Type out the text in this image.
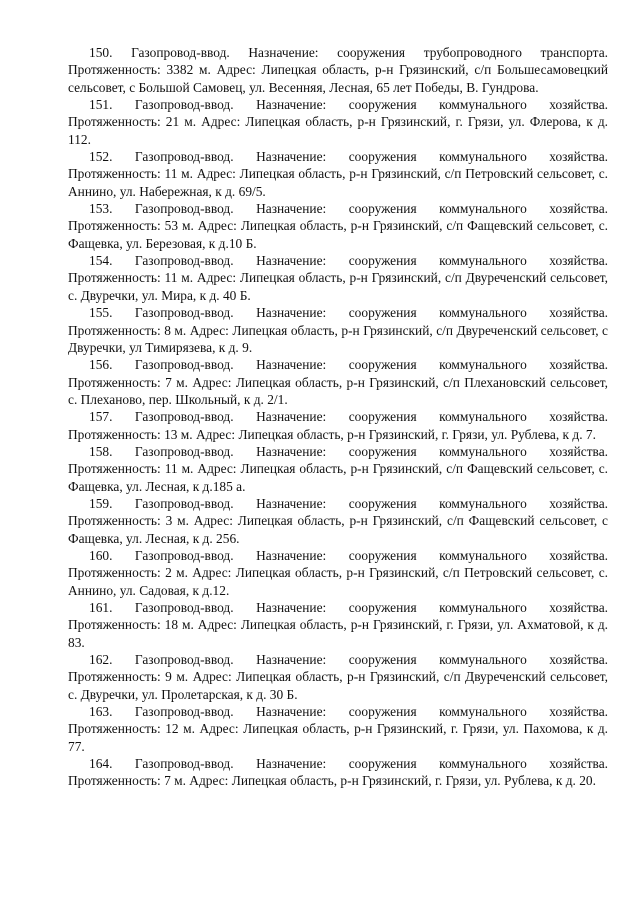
150. Газопровод-ввод. Назначение: сооружения трубопроводного транспорта. Протяженность: 3382 м. Адрес: Липецкая область, р-н Грязинский, с/п Большесамовецкий сельсовет, с Большой Самовец, ул. Весенняя, Лесная, 65 лет Победы, В. Гундрова.

151. Газопровод-ввод. Назначение: сооружения коммунального хозяйства. Протяженность: 21 м. Адрес: Липецкая область, р-н Грязинский, г. Грязи, ул. Флерова, к д. 112.

152. Газопровод-ввод. Назначение: сооружения коммунального хозяйства. Протяженность: 11 м. Адрес: Липецкая область, р-н Грязинский, с/п Петровский сельсовет, с. Аннино, ул. Набережная, к д. 69/5.

153. Газопровод-ввод. Назначение: сооружения коммунального хозяйства. Протяженность: 53 м. Адрес: Липецкая область, р-н Грязинский, с/п Фащевский сельсовет, с. Фащевка, ул. Березовая, к д.10 Б.

154. Газопровод-ввод. Назначение: сооружения коммунального хозяйства. Протяженность: 11 м. Адрес: Липецкая область, р-н Грязинский, с/п Двуреченский сельсовет, с. Двуречки, ул. Мира, к д. 40 Б.

155. Газопровод-ввод. Назначение: сооружения коммунального хозяйства. Протяженность: 8 м. Адрес: Липецкая область, р-н Грязинский, с/п Двуреченский сельсовет, с Двуречки, ул Тимирязева, к д. 9.

156. Газопровод-ввод. Назначение: сооружения коммунального хозяйства. Протяженность: 7 м. Адрес: Липецкая область, р-н Грязинский, с/п Плехановский сельсовет, с. Плеханово, пер. Школьный, к д. 2/1.

157. Газопровод-ввод. Назначение: сооружения коммунального хозяйства. Протяженность: 13 м. Адрес: Липецкая область, р-н Грязинский, г. Грязи, ул. Рублева, к д. 7.

158. Газопровод-ввод. Назначение: сооружения коммунального хозяйства. Протяженность: 11 м. Адрес: Липецкая область, р-н Грязинский, с/п Фащевский сельсовет, с. Фащевка, ул. Лесная, к д.185 а.

159. Газопровод-ввод. Назначение: сооружения коммунального хозяйства. Протяженность: 3 м. Адрес: Липецкая область, р-н Грязинский, с/п Фащевский сельсовет, с Фащевка, ул. Лесная, к д. 256.

160. Газопровод-ввод. Назначение: сооружения коммунального хозяйства. Протяженность: 2 м. Адрес: Липецкая область, р-н Грязинский, с/п Петровский сельсовет, с. Аннино, ул. Садовая, к д.12.

161. Газопровод-ввод. Назначение: сооружения коммунального хозяйства. Протяженность: 18 м. Адрес: Липецкая область, р-н Грязинский, г. Грязи, ул. Ахматовой, к д. 83.

162. Газопровод-ввод. Назначение: сооружения коммунального хозяйства. Протяженность: 9 м. Адрес: Липецкая область, р-н Грязинский, с/п Двуреченский сельсовет, с. Двуречки, ул. Пролетарская, к д. 30 Б.

163. Газопровод-ввод. Назначение: сооружения коммунального хозяйства. Протяженность: 12 м. Адрес: Липецкая область, р-н Грязинский, г. Грязи, ул. Пахомова, к д. 77.

164. Газопровод-ввод. Назначение: сооружения коммунального хозяйства. Протяженность: 7 м. Адрес: Липецкая область, р-н Грязинский, г. Грязи, ул. Рублева, к д. 20.
